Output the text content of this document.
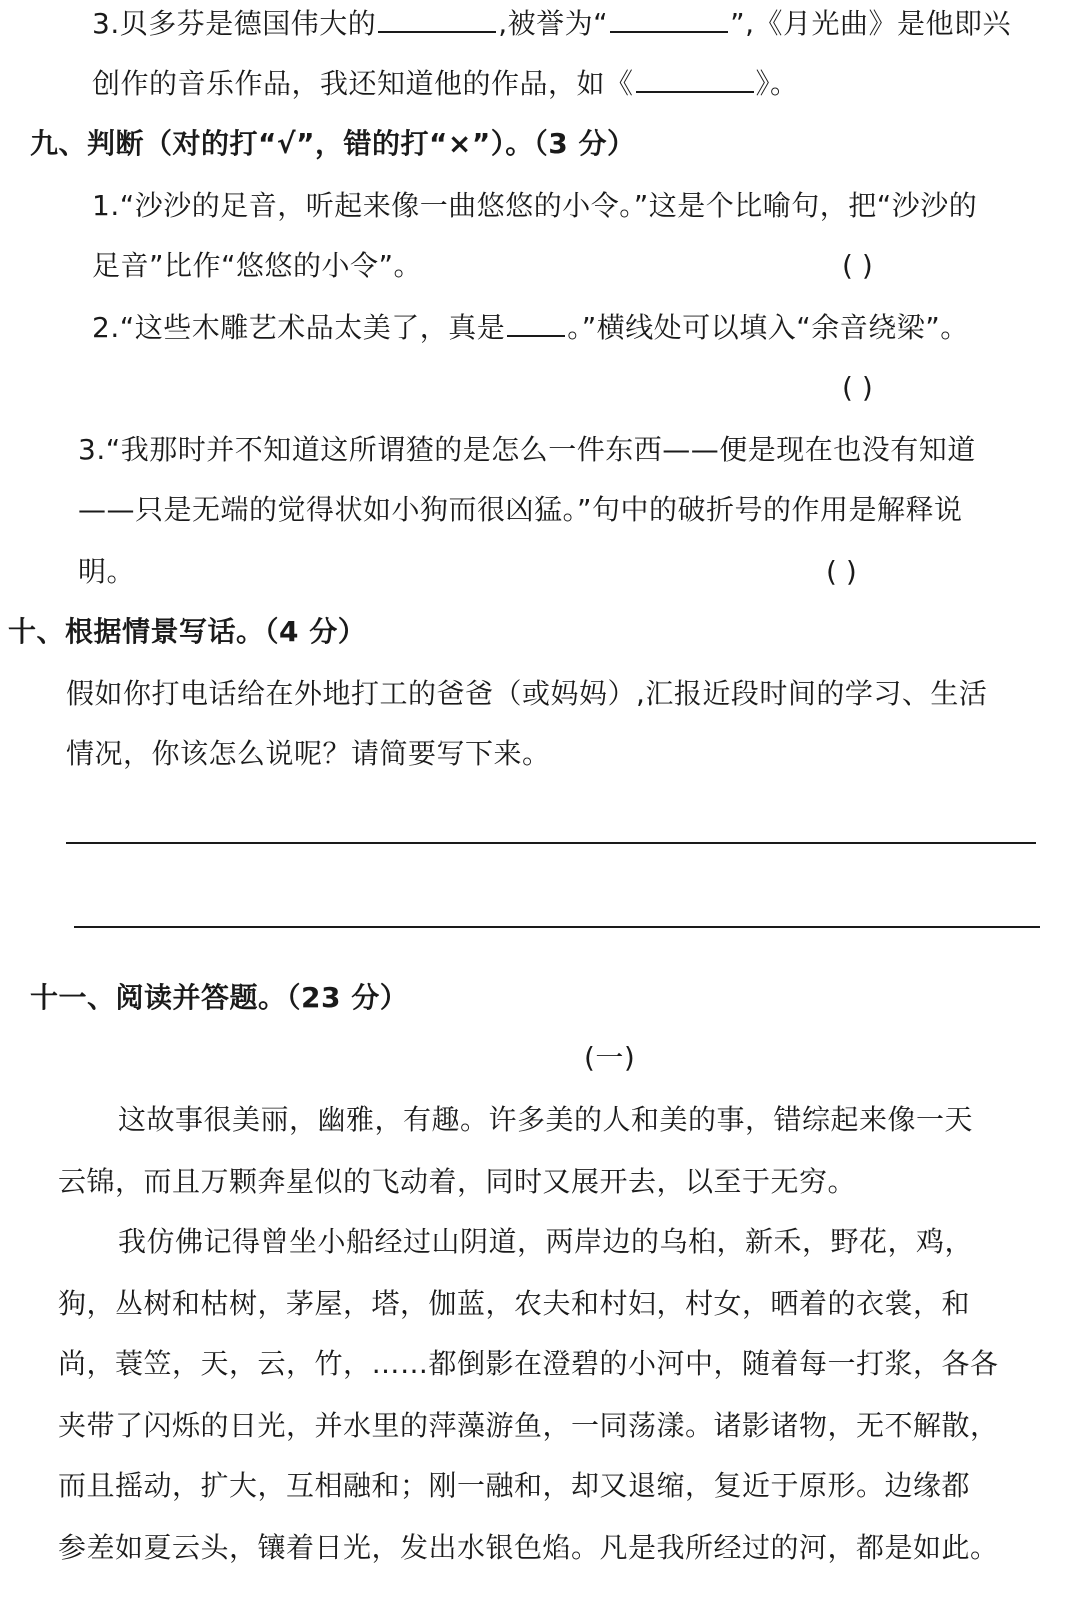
3.贝多芬是德国伟大的	,被誉为“	”,《月光曲》是他即兴
创作的音乐作品，我还知道他的作品，如《	》。
九、判断（对的打“√”，错的打“×”）。（3 分）
1.“沙沙的足音，听起来像一曲悠悠的小令。”这是个比喻句，把“沙沙的
足音”比作“悠悠的小令”。	( )
2.“这些木雕艺术品太美了，真是 。”横线处可以填入“余音绕梁”。
( )
3.“我那时并不知道这所谓猹的是怎么一件东西——便是现在也没有知道
——只是无端的觉得状如小狗而很凶猛。”句中的破折号的作用是解释说
明。	( )
十、根据情景写话。（4 分）
假如你打电话给在外地打工的爸爸（或妈妈）,汇报近段时间的学习、生活
情况，你该怎么说呢？请简要写下来。
十一、阅读并答题。（23 分）
(一)
这故事很美丽，幽雅，有趣。许多美的人和美的事，错综起来像一天
云锦，而且万颗奔星似的飞动着，同时又展开去，以至于无穷。
我仿佛记得曾坐小船经过山阴道，两岸边的乌桕，新禾，野花，鸡，
狗，丛树和枯树，茅屋，塔，伽蓝，农夫和村妇，村女，晒着的衣裳，和
尚，蓑笠，天，云，竹，……都倒影在澄碧的小河中，随着每一打浆，各各
夹带了闪烁的日光，并水里的萍藻游鱼，一同荡漾。诸影诸物，无不解散，
而且摇动，扩大，互相融和；刚一融和，却又退缩，复近于原形。边缘都
参差如夏云头，镶着日光，发出水银色焰。凡是我所经过的河，都是如此。
